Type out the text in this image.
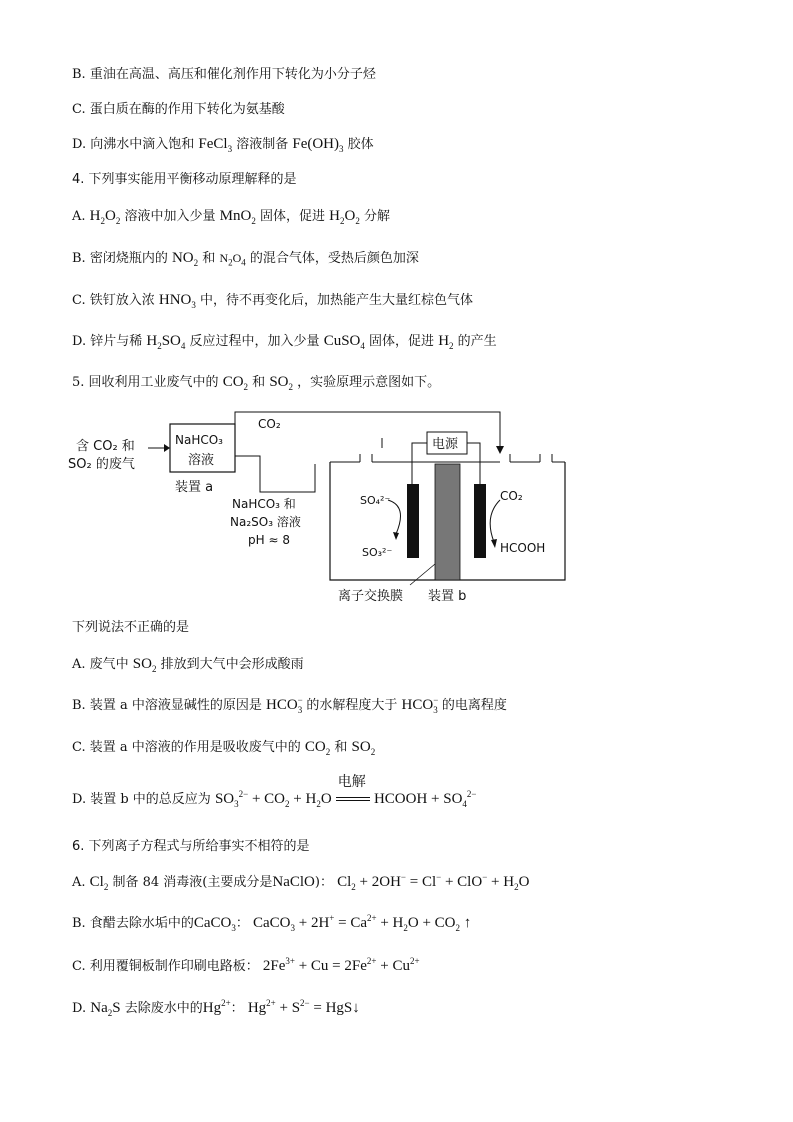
B. 重油在高温、高压和催化剂作用下转化为小分子烃
C. 蛋白质在酶的作用下转化为氨基酸
D. 向沸水中滴入饱和 FeCl$_3$ 溶液制备 $Fe(OH)_3$ 胶体
4. 下列事实能用平衡移动原理解释的是
A. $H_2O_2$ 溶液中加入少量 MnO$_2$ 固体，促进 $H_2O_2$ 分解
B. 密闭烧瓶内的 $NO_2$ 和 $N_2O_4$ 的混合气体，受热后颜色加深
C. 铁钉放入浓 $HNO_3$ 中，待不再变化后，加热能产生大量红棕色气体
D. 锌片与稀 $H_2SO_4$ 反应过程中，加入少量 CuSO$_4$ 固体，促进 $H_2$ 的产生
5. 回收利用工业废气中的 $CO_2$ 和 $SO_2$ ，实验原理示意图如下。
含 CO₂ 和
SO₂ 的废气
NaHCO₃
溶液
装置 a
CO₂
NaHCO₃ 和
Na₂SO₃ 溶液
pH ≈ 8
电源
SO₄²⁻
SO₃²⁻
CO₂
HCOOH
离子交换膜 装置 b
下列说法不正确的是
A. 废气中 $SO_2$ 排放到大气中会形成酸雨
B. 装置 a 中溶液显碱性的原因是 $HCO^-_3$ 的水解程度大于 $HCO^-_3$ 的电离程度
C. 装置 a 中溶液的作用是吸收废气中的 $CO_2$ 和 $SO_2$
D. 装置 b 中的总反应为 $SO_3^{2-} + CO_2 + H_2O$
电解
HCOOH + $SO_4^{2-}$
6. 下列离子方程式与所给事实不相符的是
A. $Cl_2$ 制备 84 消毒液(主要成分是NaClO)： $Cl_2 + 2OH^- = Cl^- + ClO^- + H_2O$
B. 食醋去除水垢中的CaCO$_3$： CaCO$_3$ + $2H^+ = Ca^{2+} + H_2O + CO_2$ ↑
C. 利用覆铜板制作印刷电路板： $2Fe^{3+} + Cu = 2Fe^{2+} + Cu^{2+}$
D. $Na_2S$ 去除废水中的$Hg^{2+}$： $Hg^{2+} + S^{2-}$ = HgS↓
